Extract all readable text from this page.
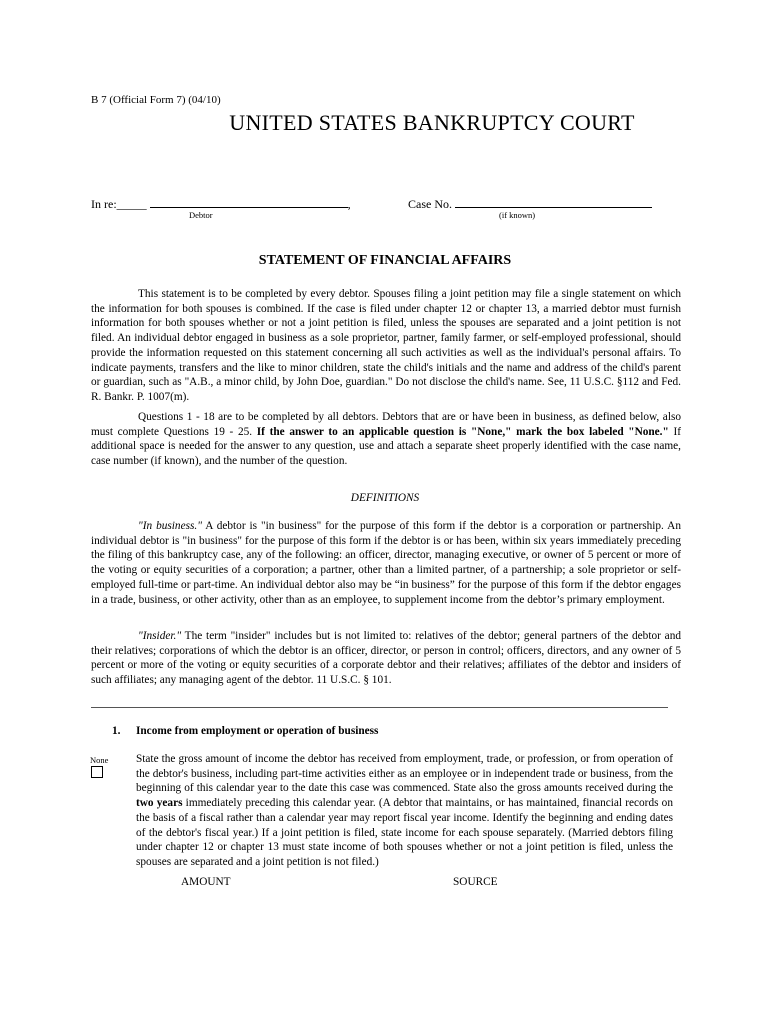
B 7 (Official Form 7) (04/10)
UNITED STATES BANKRUPTCY COURT
In re:_____	,
Debtor
Case No.
(if known)
STATEMENT OF FINANCIAL AFFAIRS
This statement is to be completed by every debtor. Spouses filing a joint petition may file a single statement on which the information for both spouses is combined. If the case is filed under chapter 12 or chapter 13, a married debtor must furnish information for both spouses whether or not a joint petition is filed, unless the spouses are separated and a joint petition is not filed. An individual debtor engaged in business as a sole proprietor, partner, family farmer, or self-employed professional, should provide the information requested on this statement concerning all such activities as well as the individual's personal affairs. To indicate payments, transfers and the like to minor children, state the child's initials and the name and address of the child's parent or guardian, such as "A.B., a minor child, by John Doe, guardian." Do not disclose the child's name. See, 11 U.S.C. §112 and Fed. R. Bankr. P. 1007(m).
Questions 1 - 18 are to be completed by all debtors. Debtors that are or have been in business, as defined below, also must complete Questions 19 - 25. If the answer to an applicable question is "None," mark the box labeled "None." If additional space is needed for the answer to any question, use and attach a separate sheet properly identified with the case name, case number (if known), and the number of the question.
DEFINITIONS
"In business." A debtor is "in business" for the purpose of this form if the debtor is a corporation or partnership. An individual debtor is "in business" for the purpose of this form if the debtor is or has been, within six years immediately preceding the filing of this bankruptcy case, any of the following: an officer, director, managing executive, or owner of 5 percent or more of the voting or equity securities of a corporation; a partner, other than a limited partner, of a partnership; a sole proprietor or self-employed full-time or part-time. An individual debtor also may be “in business” for the purpose of this form if the debtor engages in a trade, business, or other activity, other than as an employee, to supplement income from the debtor’s primary employment.
"Insider." The term "insider" includes but is not limited to: relatives of the debtor; general partners of the debtor and their relatives; corporations of which the debtor is an officer, director, or person in control; officers, directors, and any owner of 5 percent or more of the voting or equity securities of a corporate debtor and their relatives; affiliates of the debtor and insiders of such affiliates; any managing agent of the debtor. 11 U.S.C. § 101.
1. Income from employment or operation of business
None State the gross amount of income the debtor has received from employment, trade, or profession, or from operation of the debtor's business, including part-time activities either as an employee or in independent trade or business, from the beginning of this calendar year to the date this case was commenced. State also the gross amounts received during the two years immediately preceding this calendar year. (A debtor that maintains, or has maintained, financial records on the basis of a fiscal rather than a calendar year may report fiscal year income. Identify the beginning and ending dates of the debtor's fiscal year.) If a joint petition is filed, state income for each spouse separately. (Married debtors filing under chapter 12 or chapter 13 must state income of both spouses whether or not a joint petition is filed, unless the spouses are separated and a joint petition is not filed.)
AMOUNT	SOURCE
